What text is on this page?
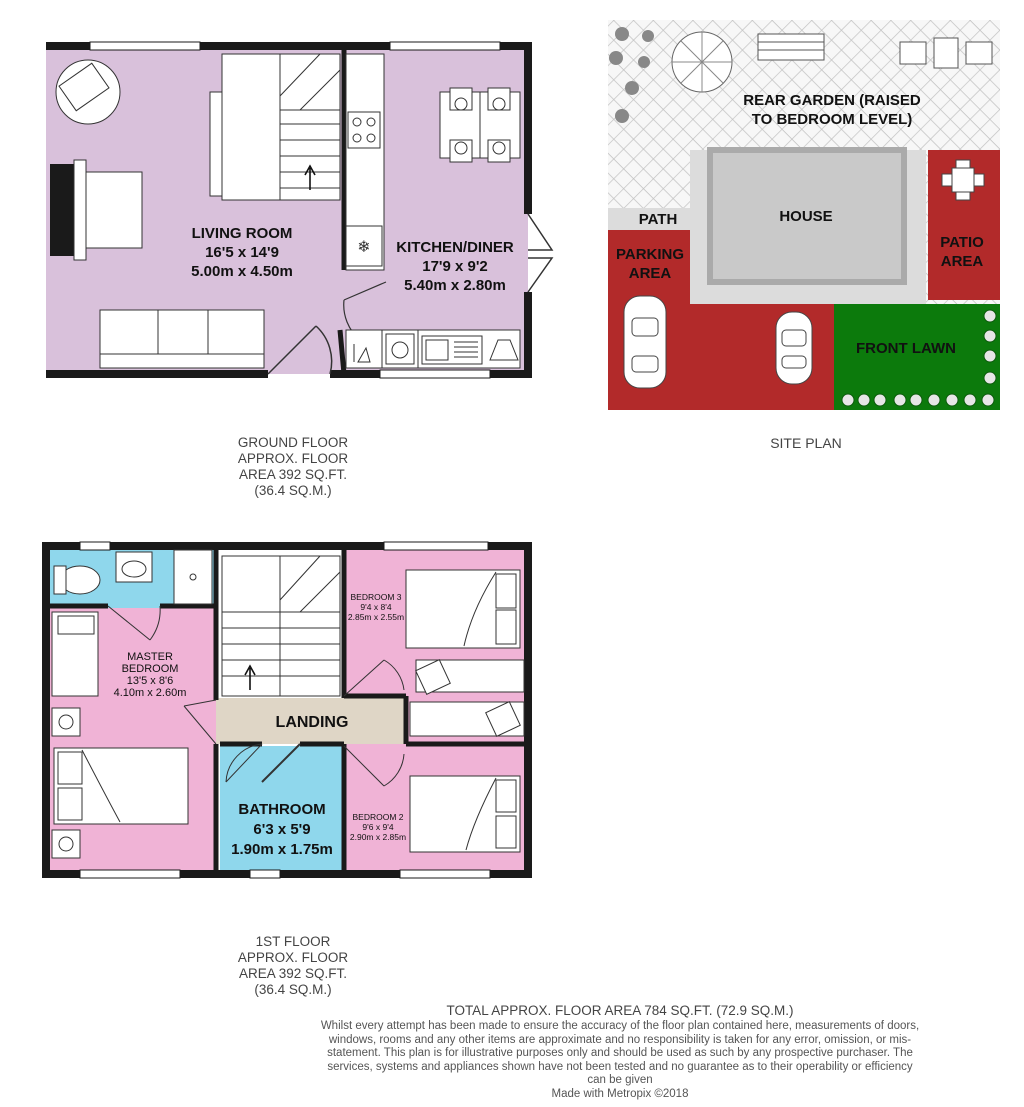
❄
LIVING ROOM
16'5 x 14'9
5.00m x 4.50m
KITCHEN/DINER
17'9 x 9'2
5.40m x 2.80m
MASTER
BEDROOM
13'5 x 8'6
4.10m x 2.60m
BEDROOM 3
9'4 x 8'4
2.85m x 2.55m
LANDING
BATHROOM
6'3 x 5'9
1.90m x 1.75m
BEDROOM 2
9'6 x 9'4
2.90m x 2.85m
REAR GARDEN (RAISED
TO BEDROOM LEVEL)
PATH	HOUSE
PARKING
AREA
PATIO
AREA
FRONT LAWN
GROUND FLOOR
APPROX. FLOOR
AREA 392 SQ.FT.
(36.4 SQ.M.)
SITE PLAN
1ST FLOOR
APPROX. FLOOR
AREA 392 SQ.FT.
(36.4 SQ.M.)
TOTAL APPROX. FLOOR AREA 784 SQ.FT. (72.9 SQ.M.)
Whilst every attempt has been made to ensure the accuracy of the floor plan contained here, measurements of doors, windows, rooms and any other items are approximate and no responsibility is taken for any error, omission, or mis-statement. This plan is for illustrative purposes only and should be used as such by any prospective purchaser. The services, systems and appliances shown have not been tested and no guarantee as to their operability or efficiency can be given
Made with Metropix ©2018
